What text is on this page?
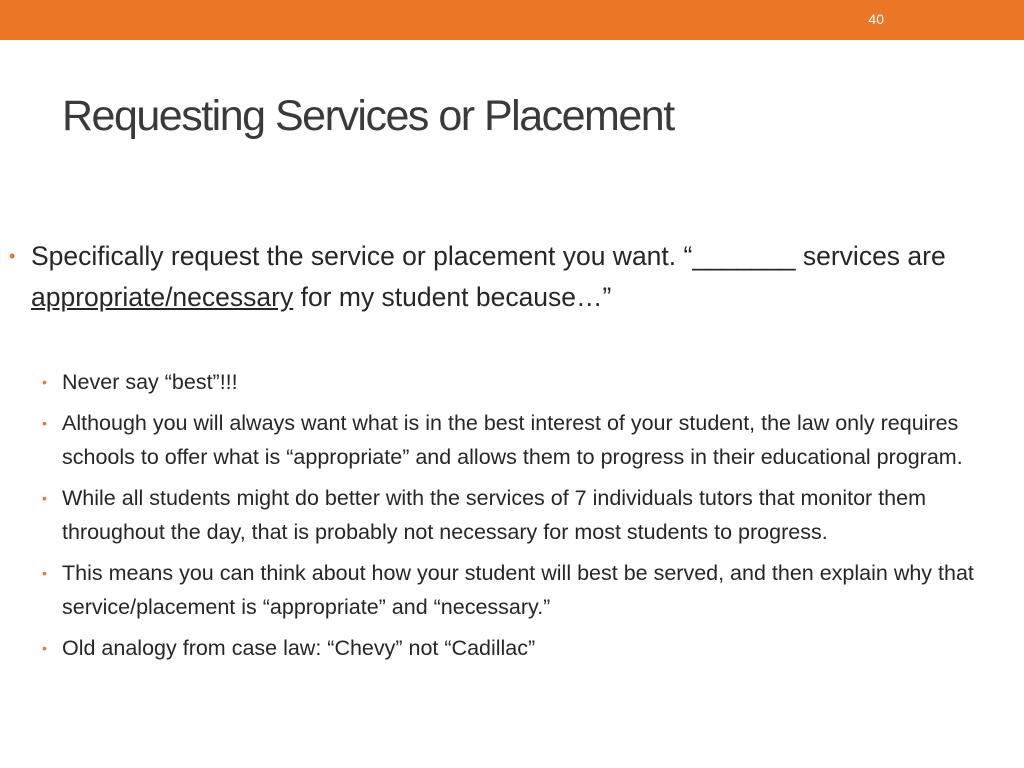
40
Requesting Services or Placement
• Specifically request the service or placement you want. “_______ services are appropriate/necessary for my student because…”
• Never say “best”!!!
• Although you will always want what is in the best interest of your student, the law only requires schools to offer what is “appropriate” and allows them to progress in their educational program.
• While all students might do better with the services of 7 individuals tutors that monitor them throughout the day, that is probably not necessary for most students to progress.
• This means you can think about how your student will best be served, and then explain why that service/placement is “appropriate” and “necessary.”
• Old analogy from case law: “Chevy” not “Cadillac”
